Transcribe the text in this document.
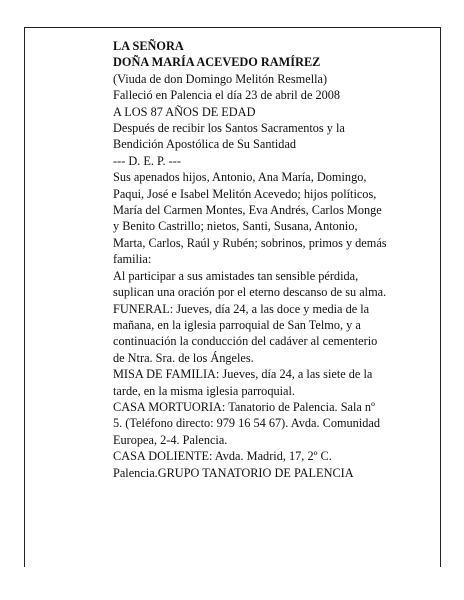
LA SEÑORA
DOÑA MARÍA ACEVEDO RAMÍREZ
(Viuda de don Domingo Melitón Resmella)
Falleció en Palencia el día 23 de abril de 2008
A LOS 87 AÑOS DE EDAD
Después de recibir los Santos Sacramentos y la
Bendición Apostólica de Su Santidad
--- D. E. P. ---
Sus apenados hijos, Antonio, Ana María, Domingo,
Paqui, José e Isabel Melitón Acevedo; hijos políticos,
María del Carmen Montes, Eva Andrés, Carlos Monge
y Benito Castrillo; nietos, Santi, Susana, Antonio,
Marta, Carlos, Raúl y Rubén; sobrinos, primos y demás
familia:
Al participar a sus amistades tan sensible pérdida,
suplican una oración por el eterno descanso de su alma.
FUNERAL: Jueves, día 24, a las doce y media de la
mañana, en la iglesia parroquial de San Telmo, y a
continuación la conducción del cadáver al cementerio
de Ntra. Sra. de los Ángeles.
MISA DE FAMILIA: Jueves, día 24, a las siete de la
tarde, en la misma iglesia parroquial.
CASA MORTUORIA: Tanatorio de Palencia. Sala nº
5. (Teléfono directo: 979 16 54 67). Avda. Comunidad
Europea, 2-4. Palencia.
CASA DOLIENTE: Avda. Madrid, 17, 2º C.
Palencia.GRUPO TANATORIO DE PALENCIA
